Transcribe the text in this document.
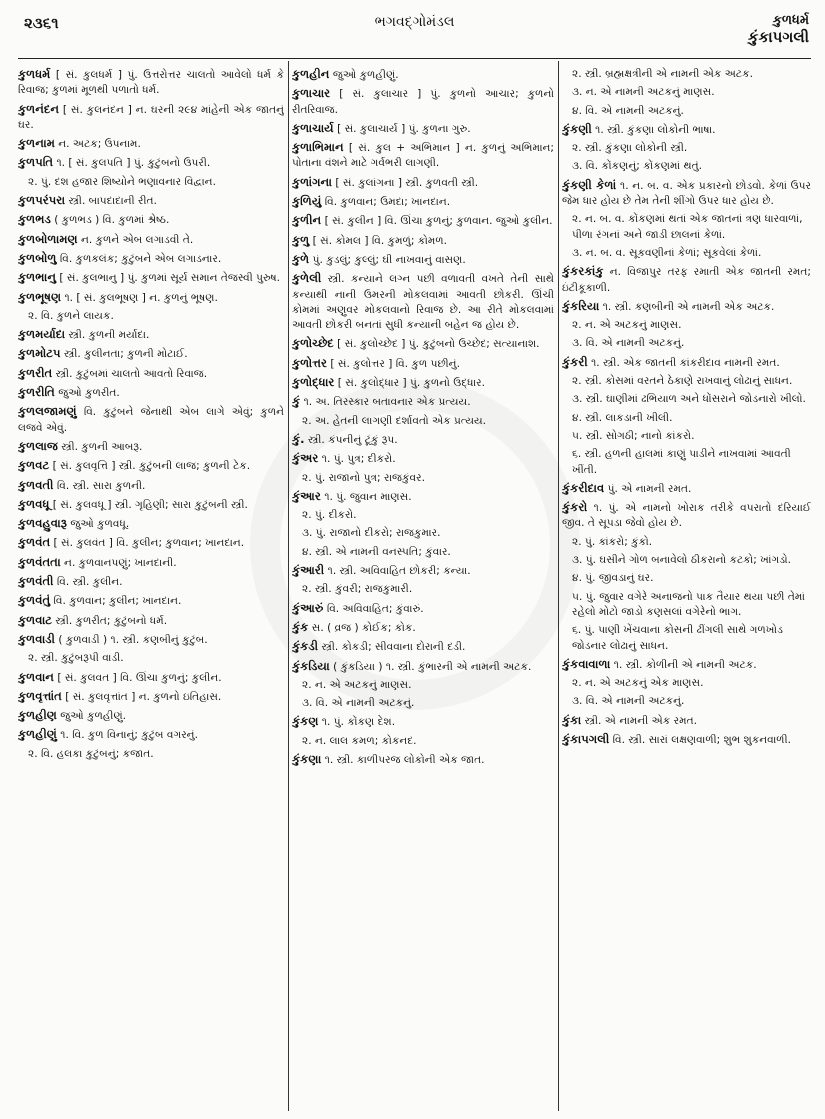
૨૩૬૧	ભગવદ્ગોમંડલ	કુળધર્મ
કુંકાપગલી
કુળધર્મ [ સં. કુલધર્મ ] પું. ઉત્તરોત્તર ચાલતો આવેલો ધર્મ કે રિવાજ; કુળમાં મૂળથી પળાતો ધર્મ.
કુળનંદન [ સં. કુલનંદન ] ન. ઘરની ૨૯૪ માંહેની એક જાતનું ઘર.
કુળનામ ન. અટક; ઉપનામ.
કુળપતિ ૧. [ સં. કુલપતિ ] પું. કુટુંબનો ઉપરી.
૨. પું. દશ હજાર શિષ્યોને ભણાવનાર વિદ્વાન.
કુળપરંપરા સ્ત્રી. બાપદાદાની રીત.
કુળભડ ( કુળભડ ) વિ. કુળમાં શ્રેષ્ઠ.
કુળબોળામણ ન. કુળને એબ લગાડવી તે.
કુળબોળુ વિ. કુળકલંક; કુટુંબને એબ લગાડનાર.
કુળભાનુ [ સં. કુલભાનુ ] પું. કુળમાં સૂર્ય સમાન તેજસ્વી પુરુષ.
કુળભૂષણ ૧. [ સં. કુલભૂષણ ] ન. કુળનું ભૂષણ.
૨. વિ. કુળને લાયક.
કુળમર્યાદા સ્ત્રી. કુળની મર્યાદા.
કુળમોટપ સ્ત્રી. કુલીનતા; કુળની મોટાઈ.
કુળરીત સ્ત્રી. કુટુંબમાં ચાલતો આવતો રિવાજ.
કુળરીતિ જુઓ કુળરીત.
કુળલજામણું વિ. કુટુંબને જેનાથી એબ લાગે એવું; કુળને લજવે એવું.
કુળલાજ સ્ત્રી. કુળની આબરૂ.
કુળવટ [ સં. કુલવૃત્તિ ] સ્ત્રી. કુટુંબની લાજ; કુળની ટેક.
કુળવતી વિ. સ્ત્રી. સારા કુળની.
કુળવધૂ [ સં. કુલવધૂ ] સ્ત્રી. ગૃહિણી; સારા કુટુંબની સ્ત્રી.
કુળવહુવારૂ જુઓ કુળવધૂ.
કુળવંત [ સં. કુલવંત ] વિ. કુલીન; કુળવાન; ખાનદાન.
કુળવંતતા ન. કુળવાનપણું; ખાનદાની.
કુળવંતી વિ. સ્ત્રી. કુલીન.
કુળવંતું વિ. કુળવાન; કુલીન; ખાનદાન.
કુળવાટ સ્ત્રી. કુળરીત; કુટુંબનો ધર્મ.
કુળવાડી ( કુળવાડી ) ૧. સ્ત્રી. કણબીનું કુટુંબ.
૨. સ્ત્રી. કુટુંબરૂપી વાડી.
કુળવાન [ સં. કુલવત ] વિ. ઊંચા કુળનું; કુલીન.
કુળવૃત્તાંત [ સં. કુલવૃત્તાંત ] ન. કુળનો ઇતિહાસ.
કુળહીણ જુઓ કુળહીણું.
કુળહીણું ૧. વિ. કુળ વિનાનું; કુટુંબ વગરનું.
૨. વિ. હલકા કુટુંબનું; કજાત.
કુળહીન જુઓ કુળહીણું.
કુળાચાર [ સં. કુલાચાર ] પું. કુળનો આચાર; કુળનો રીતરિવાજ.
કુળાચાર્ય [ સં. કુલાચાર્ય ] પું. કુળના ગુરુ.
કુળાભિમાન [ સં. કુલ + અભિમાન ] ન. કુળનું અભિમાન; પોતાના વંશને માટે ગર્વભરી લાગણી.
કુળાંગના [ સં. કુલાંગના ] સ્ત્રી. કુળવતી સ્ત્રી.
કુળિયું વિ. કુળવાન; ઉમદા; ખાનદાન.
કુળીન [ સં. કુલીન ] વિ. ઊંચા કુળનું; કુળવાન. જુઓ કુલીન.
કુળુ [ સં. કોમલ ] વિ. કુમળું; કોમળ.
કુળે પું. કુડલું; કુલ્લું; ઘી નાખવાનું વાસણ.
કુળેલી સ્ત્રી. કન્યાને લગ્ન પછી વળાવતી વખતે તેની સાથે કન્યાથી નાની ઉમરની મોકલવામાં આવતી છોકરી. ઊંચી કોમમાં અણુવર મોકલવાનો રિવાજ છે. આ રીતે મોકલવામાં આવતી છોકરી બનતાં સુધી કન્યાની બહેન જ હોય છે.
કુળોચ્છેદ [ સં. કુલોચ્છેદ ] પું. કુટુંબનો ઉચ્છેદ; સત્યાનાશ.
કુળોત્તર [ સં. કુલોત્તર ] વિ. કુળ પછીનું.
કુળોદ્ધાર [ સં. કુલોદ્ધાર ] પું. કુળનો ઉદ્ધાર.
કું ૧. અ. તિરસ્કાર બતાવનાર એક પ્રત્યય.
૨. અ. હેતની લાગણી દર્શાવતો એક પ્રત્યય.
કું. સ્ત્રી. કંપનીનું ટૂંકું રૂપ.
કુંઅર ૧. પું. પુત્ર; દીકરો.
૨. પું. રાજાનો પુત્ર; રાજકુંવર.
કુંઆર ૧. પું. જુવાન માણસ.
૨. પું. દીકરો.
૩. પું. રાજાનો દીકરો; રાજકુમાર.
૪. સ્ત્રી. એ નામની વનસ્પતિ; કુંવાર.
કુંઆરી ૧. સ્ત્રી. અવિવાહિત છોકરી; કન્યા.
૨. સ્ત્રી. કુંવરી; રાજકુમારી.
કુંઆરું વિ. અવિવાહિત; કુંવારું.
કુંક સ. ( વ્રજ ) કોઈક; કોક.
કુંકડી સ્ત્રી. કોકડી; સીવવાના દોરાની દડી.
કુંકડિયા ( કુંકડિયા ) ૧. સ્ત્રી. કુંભારની એ નામની અટક.
૨. ન. એ અટકનું માણસ.
૩. વિ. એ નામની અટકનું.
કુંકણ ૧. પું. કોંકણ દેશ.
૨. ન. લાલ કમળ; કોકનદ.
કુંકણા ૧. સ્ત્રી. કાળીપરજ લોકોની એક જાત.
૨. સ્ત્રી. બ્રહ્મક્ષત્રીની એ નામની એક અટક.
૩. ન. એ નામની અટકનું માણસ.
૪. વિ. એ નામની અટકનું.
કુંકણી ૧. સ્ત્રી. કુંકણા લોકોની ભાષા.
૨. સ્ત્રી. કુંકણા લોકોની સ્ત્રી.
૩. વિ. કોંકણનું; કોંકણમાં થતું.
કુંકણી કેળાં ૧. ન. બ. વ. એક પ્રકારનો છોડવો. કેળાં ઉપર જેમ ધાર હોય છે તેમ તેની શીંગો ઉપર ધાર હોય છે.
૨. ન. બ. વ. કોંકણમાં થતાં એક જાતનાં ત્રણ ધારવાળાં, પીળા રંગનાં અને જાડી છાલનાં કેળાં.
૩. ન. બ. વ. સૂકવણીનાં કેળાં; સૂકવેલાં કેળાં.
કુંકરકાંકુ ન. વિજાપુર તરફ રમાતી એક જાતની રમત; ઇંટીકૂકાળી.
કુંકરિયા ૧. સ્ત્રી. કણબીની એ નામની એક અટક.
૨. ન. એ અટકનું માણસ.
૩. વિ. એ નામની અટકનું.
કુંકરી ૧. સ્ત્રી. એક જાતની કાંકરીદાવ નામની રમત.
૨. સ્ત્રી. કોસમાં વરતને ઠેકાણે રાખવાનું લોઢાનું સાધન.
૩. સ્ત્રી. ઘાણીમાં ઢભિયાળ અને ધોંસરાને જોડનારો ખીલો.
૪. સ્ત્રી. લાકડાની ખીલી.
૫. સ્ત્રી. સોગઠી; નાનો કાંકરો.
૬. સ્ત્રી. હળની હાલમાં કાણું પાડીને નાખવામાં આવતી ખીંતી.
કુંકરીદાવ પું. એ નામની રમત.
કુંકરો ૧. પું. એ નામનો ખોરાક તરીકે વપરાતો દરિયાઈ જીવ. તે સૂપડા જેવો હોય છે.
૨. પું. કાંકરો; કુંકો.
૩. પું. ઘસીને ગોળ બનાવેલો ઠીકરાનો કટકો; ખાંગડો.
૪. પું. જીવડાનું ઘર.
૫. પું. જુવાર વગેરે અનાજનો પાક તૈયાર થયા પછી તેમાં રહેલો મોટો જાડો કણસલાં વગેરેનો ભાગ.
૬. પું. પાણી ખેંચવાના કોસની ઢીંગલી સાથે ગળખોડ જોડનાર લોઢાનું સાધન.
કુંકવાવાળા ૧. સ્ત્રી. કોળીની એ નામની અટક.
૨. ન. એ અટકનું એક માણસ.
૩. વિ. એ નામની અટકનું.
કુંકા સ્ત્રી. એ નામની એક રમત.
કુંકાપગલી વિ. સ્ત્રી. સારાં લક્ષણવાળી; શુભ શુકનવાળી.
